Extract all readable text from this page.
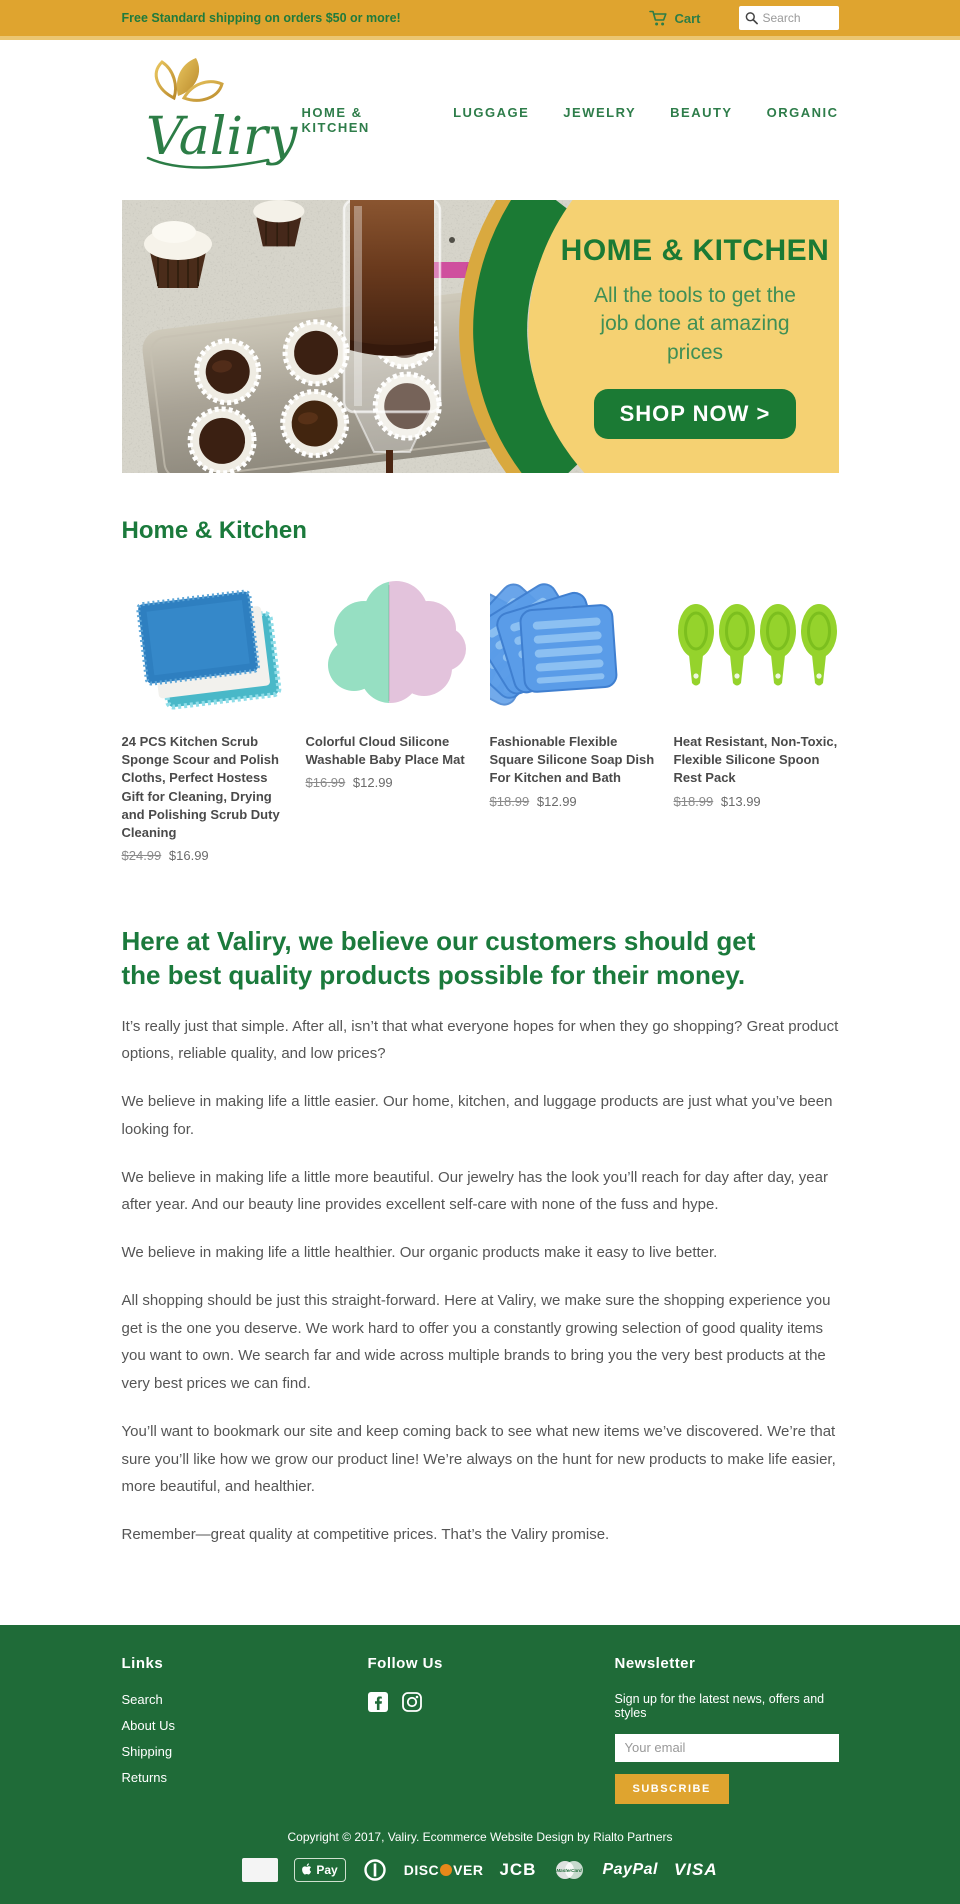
Free Standard shipping on orders $50 or more!	Cart
Search
Valiry HOME & KITCHEN
LUGGAGE	JEWELRY	BEAUTY	ORGANIC
HOME & KITCHEN
All the tools to get the job done at amazing prices
SHOP NOW >
Home & Kitchen
24 PCS Kitchen Scrub Sponge Scour and Polish Cloths, Perfect Hostess Gift for Cleaning, Drying and Polishing Scrub Duty Cleaning
$24.99 $16.99
Colorful Cloud Silicone Washable Baby Place Mat
$16.99 $12.99
Fashionable Flexible Square Silicone Soap Dish For Kitchen and Bath
$18.99 $12.99
Heat Resistant, Non-Toxic, Flexible Silicone Spoon Rest Pack
$18.99 $13.99
Here at Valiry, we believe our customers should get the best quality products possible for their money.

It’s really just that simple. After all, isn’t that what everyone hopes for when they go shopping? Great product options, reliable quality, and low prices?

We believe in making life a little easier. Our home, kitchen, and luggage products are just what you’ve been looking for.

We believe in making life a little more beautiful. Our jewelry has the look you’ll reach for day after day, year after year. And our beauty line provides excellent self-care with none of the fuss and hype.

We believe in making life a little healthier. Our organic products make it easy to live better.

All shopping should be just this straight-forward. Here at Valiry, we make sure the shopping experience you get is the one you deserve. We work hard to offer you a constantly growing selection of good quality items you want to own. We search far and wide across multiple brands to bring you the very best products at the very best prices we can find.

You’ll want to bookmark our site and keep coming back to see what new items we’ve discovered. We’re that sure you’ll like how we grow our product line! We’re always on the hunt for new products to make life easier, more beautiful, and healthier.

Remember—great quality at competitive prices. That’s the Valiry promise.

Links
Search
About Us
Shipping
Returns
Follow Us	Newsletter
Sign up for the latest news, offers and styles
Your email
SUBSCRIBE
Copyright © 2017, Valiry. Ecommerce Website Design by Rialto Partners
Pay	DISC VER JCB	MasterCard PayPal VISA
